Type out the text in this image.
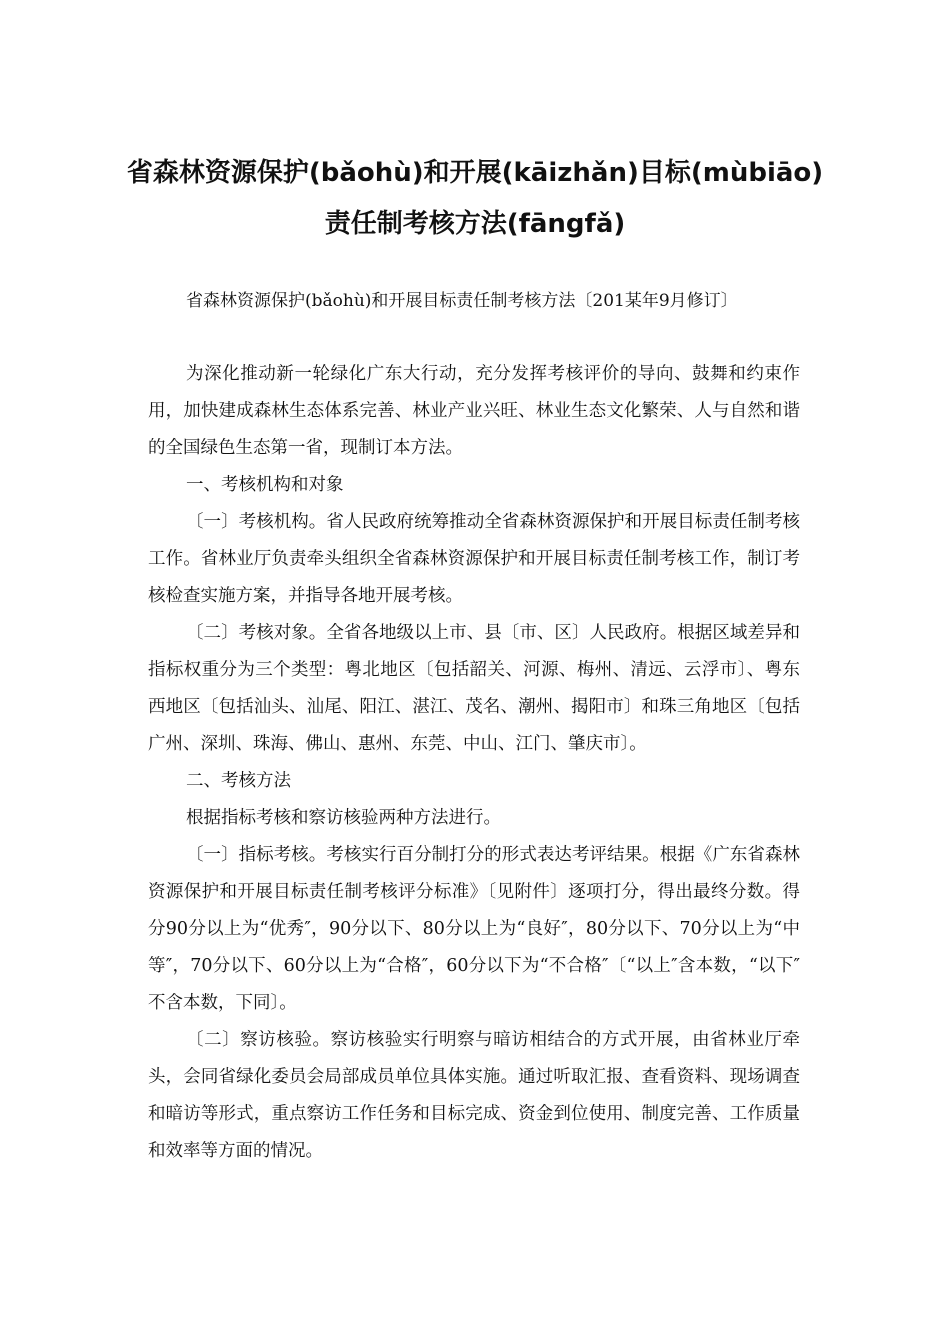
省森林资源保护(bǎohù)和开展(kāizhǎn)目标(mùbiāo)
责任制考核方法(fāngfǎ)
省森林资源保护(bǎohù)和开展目标责任制考核方法〔201某年9月修订〕

为深化推动新一轮绿化广东大行动，充分发挥考核评价的导向、鼓舞和约束作用，加快建成森林生态体系完善、林业产业兴旺、林业生态文化繁荣、人与自然和谐的全国绿色生态第一省，现制订本方法。

一、考核机构和对象

〔一〕考核机构。省人民政府统筹推动全省森林资源保护和开展目标责任制考核工作。省林业厅负责牵头组织全省森林资源保护和开展目标责任制考核工作，制订考核检查实施方案，并指导各地开展考核。

〔二〕考核对象。全省各地级以上市、县〔市、区〕人民政府。根据区域差异和指标权重分为三个类型：粤北地区〔包括韶关、河源、梅州、清远、云浮市〕、粤东西地区〔包括汕头、汕尾、阳江、湛江、茂名、潮州、揭阳市〕和珠三角地区〔包括广州、深圳、珠海、佛山、惠州、东莞、中山、江门、肇庆市〕。

二、考核方法

根据指标考核和察访核验两种方法进行。

〔一〕指标考核。考核实行百分制打分的形式表达考评结果。根据《广东省森林资源保护和开展目标责任制考核评分标准》〔见附件〕逐项打分，得出最终分数。得分90分以上为“优秀″，90分以下、80分以上为“良好″，80分以下、70分以上为“中等″，70分以下、60分以上为“合格″，60分以下为“不合格″〔“以上″含本数，“以下″不含本数，下同〕。

〔二〕察访核验。察访核验实行明察与暗访相结合的方式开展，由省林业厅牵头，会同省绿化委员会局部成员单位具体实施。通过听取汇报、查看资料、现场调查和暗访等形式，重点察访工作任务和目标完成、资金到位使用、制度完善、工作质量和效率等方面的情况。
